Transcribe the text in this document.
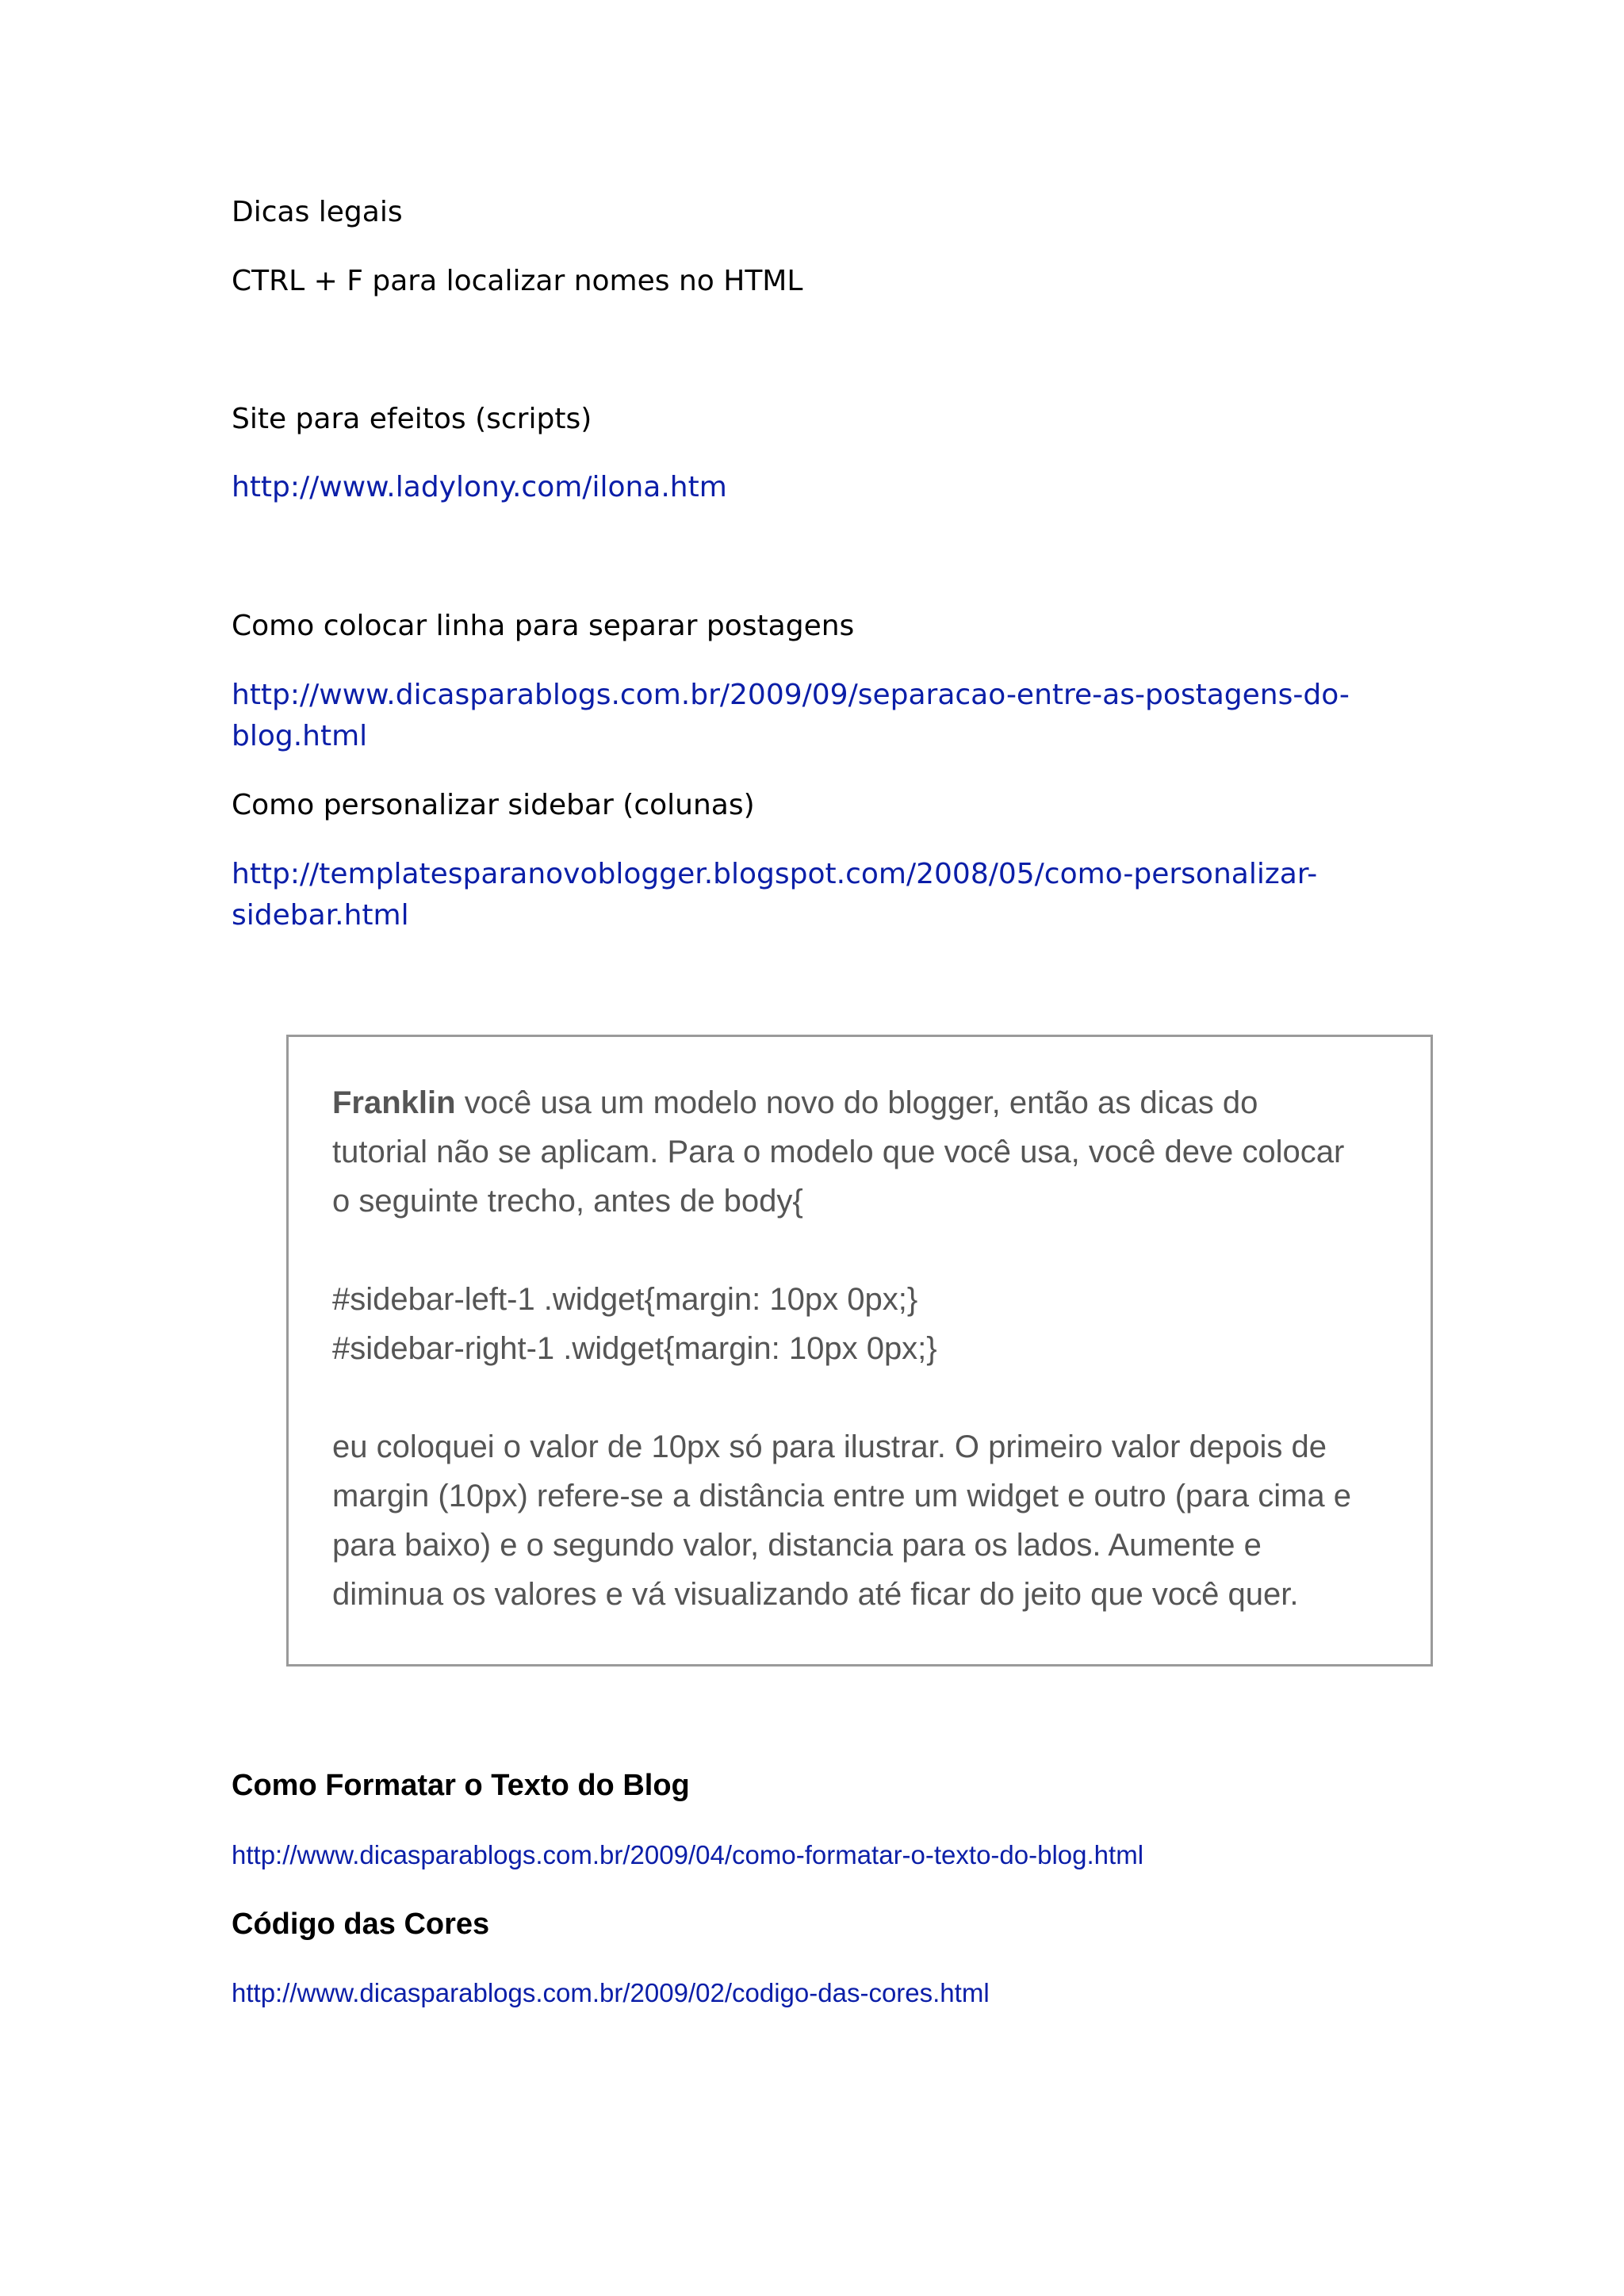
Dicas legais
CTRL + F para localizar nomes no HTML
Site para efeitos (scripts)
http://www.ladylony.com/ilona.htm
Como colocar linha para separar postagens
http://www.dicasparablogs.com.br/2009/09/separacao-entre-as-postagens-do-
blog.html
Como personalizar sidebar (colunas)
http://templatesparanovoblogger.blogspot.com/2008/05/como-personalizar-
sidebar.html

Franklin você usa um modelo novo do blogger, então as dicas do

tutorial não se aplicam. Para o modelo que você usa, você deve colocar

o seguinte trecho, antes de body{

#sidebar-left-1 .widget{margin: 10px 0px;}

#sidebar-right-1 .widget{margin: 10px 0px;}

eu coloquei o valor de 10px só para ilustrar. O primeiro valor depois de

margin (10px) refere-se a distância entre um widget e outro (para cima e

para baixo) e o segundo valor, distancia para os lados. Aumente e

diminua os valores e vá visualizando até ficar do jeito que você quer.

Como Formatar o Texto do Blog
http://www.dicasparablogs.com.br/2009/04/como-formatar-o-texto-do-blog.html
Código das Cores
http://www.dicasparablogs.com.br/2009/02/codigo-das-cores.html
